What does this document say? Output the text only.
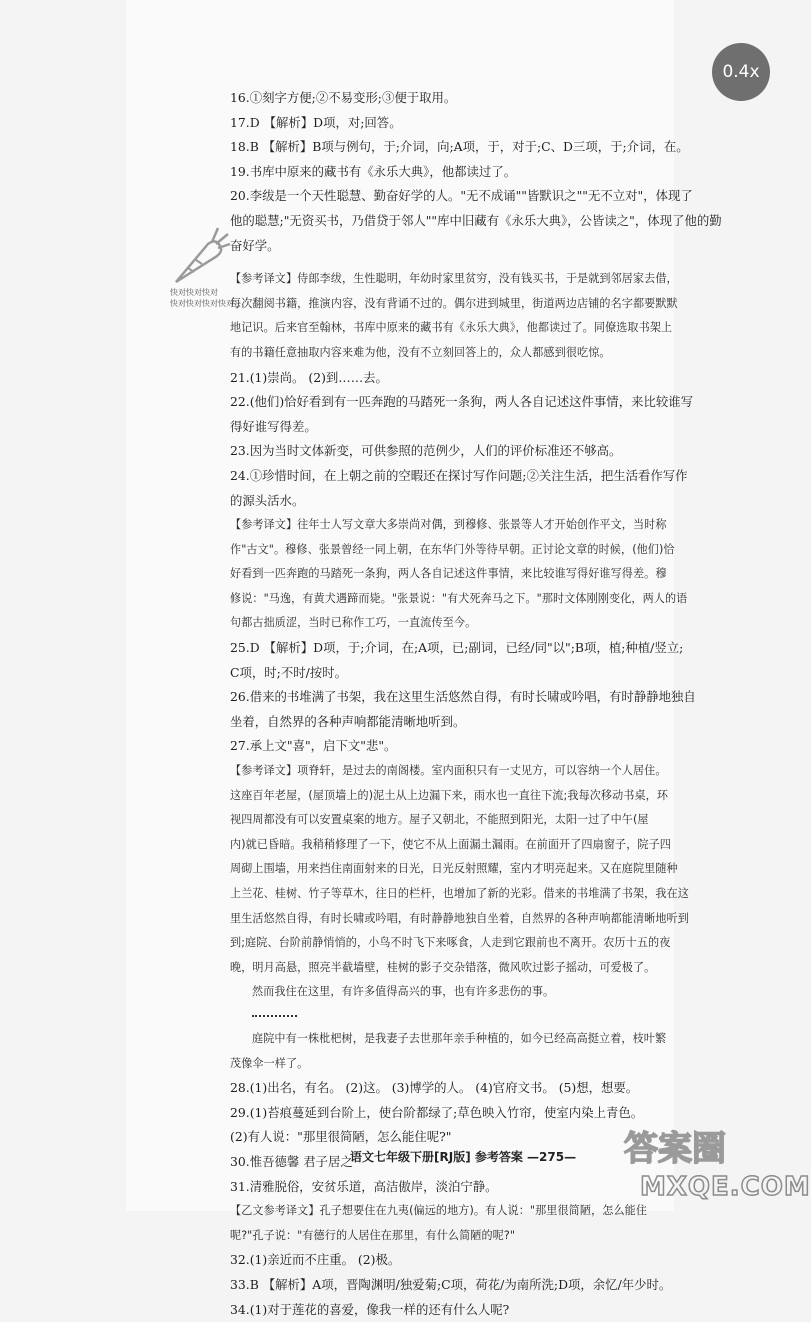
0.4x
快对快对快对
快对快对快对快对
16.①刻字方便;②不易变形;③便于取用。
17.D 【解析】D项，对;回答。
18.B 【解析】B项与例句，于;介词，向;A项，于，对于;C、D三项，于;介词，在。
19.书库中原来的藏书有《永乐大典》，他都读过了。
20.李绂是一个天性聪慧、勤奋好学的人。"无不成诵""皆默识之""无不立对"，体现了
他的聪慧;"无资买书，乃借贷于邻人""库中旧藏有《永乐大典》，公皆读之"，体现了他的勤
奋好学。
【参考译文】侍郎李绂，生性聪明，年幼时家里贫穷，没有钱买书，于是就到邻居家去借，
每次翻阅书籍，推演内容，没有背诵不过的。偶尔进到城里，街道两边店铺的名字都要默默
地记识。后来官至翰林，书库中原来的藏书有《永乐大典》，他都读过了。同僚选取书架上
有的书籍任意抽取内容来难为他，没有不立刻回答上的，众人都感到很吃惊。
21.(1)崇尚。 (2)到……去。
22.(他们)恰好看到有一匹奔跑的马踏死一条狗，两人各自记述这件事情，来比较谁写
得好谁写得差。
23.因为当时文体新变，可供参照的范例少，人们的评价标准还不够高。
24.①珍惜时间，在上朝之前的空暇还在探讨写作问题;②关注生活，把生活看作写作
的源头活水。
【参考译文】往年士人写文章大多崇尚对偶，到穆修、张景等人才开始创作平文，当时称
作"古文"。穆修、张景曾经一同上朝，在东华门外等待早朝。正讨论文章的时候，(他们)恰
好看到一匹奔跑的马踏死一条狗，两人各自记述这件事情，来比较谁写得好谁写得差。穆
修说："马逸，有黄犬遇蹄而毙。"张景说："有犬死奔马之下。"那时文体刚刚变化，两人的语
句都古拙质涩，当时已称作工巧，一直流传至今。
25.D 【解析】D项，于;介词，在;A项，已;副词，已经/同"以";B项，植;种植/竖立;
C项，时;不时/按时。
26.借来的书堆满了书架，我在这里生活悠然自得，有时长啸或吟唱，有时静静地独自
坐着，自然界的各种声响都能清晰地听到。
27.承上文"喜"，启下文"悲"。
【参考译文】项脊轩，是过去的南阁楼。室内面积只有一丈见方，可以容纳一个人居住。
这座百年老屋，(屋顶墙上的)泥土从上边漏下来，雨水也一直往下流;我每次移动书桌，环
视四周都没有可以安置桌案的地方。屋子又朝北，不能照到阳光，太阳一过了中午(屋
内)就已昏暗。我稍稍修理了一下，使它不从上面漏土漏雨。在前面开了四扇窗子，院子四
周砌上围墙，用来挡住南面射来的日光，日光反射照耀，室内才明亮起来。又在庭院里随种
上兰花、桂树、竹子等草木，往日的栏杆，也增加了新的光彩。借来的书堆满了书架，我在这
里生活悠然自得，有时长啸或吟唱，有时静静地独自坐着，自然界的各种声响都能清晰地听到
到;庭院、台阶前静悄悄的，小鸟不时飞下来啄食，人走到它跟前也不离开。农历十五的夜
晚，明月高悬，照亮半截墙壁，桂树的影子交杂错落，微风吹过影子摇动，可爱极了。
然而我住在这里，有许多值得高兴的事，也有许多悲伤的事。
庭院中有一株枇杷树，是我妻子去世那年亲手种植的，如今已经高高挺立着，枝叶繁
茂像伞一样了。
28.(1)出名，有名。 (2)这。 (3)博学的人。 (4)官府文书。 (5)想，想要。
29.(1)苔痕蔓延到台阶上，使台阶都绿了;草色映入竹帘，使室内染上青色。
(2)有人说："那里很简陋，怎么能住呢?"
30.惟吾德馨 君子居之
31.清雅脱俗，安贫乐道，高洁傲岸，淡泊宁静。
【乙文参考译文】孔子想要住在九夷(偏远的地方)。有人说："那里很简陋，怎么能住
呢?"孔子说："有德行的人居住在那里，有什么简陋的呢?"
32.(1)亲近而不庄重。 (2)极。
33.B 【解析】A项，晋陶渊明/独爱菊;C项，荷花/为南所洗;D项，余忆/年少时。
34.(1)对于莲花的喜爱，像我一样的还有什么人呢?
语文七年级下册[RJ版] 参考答案 —275— 答案圈
MXQE.COM
